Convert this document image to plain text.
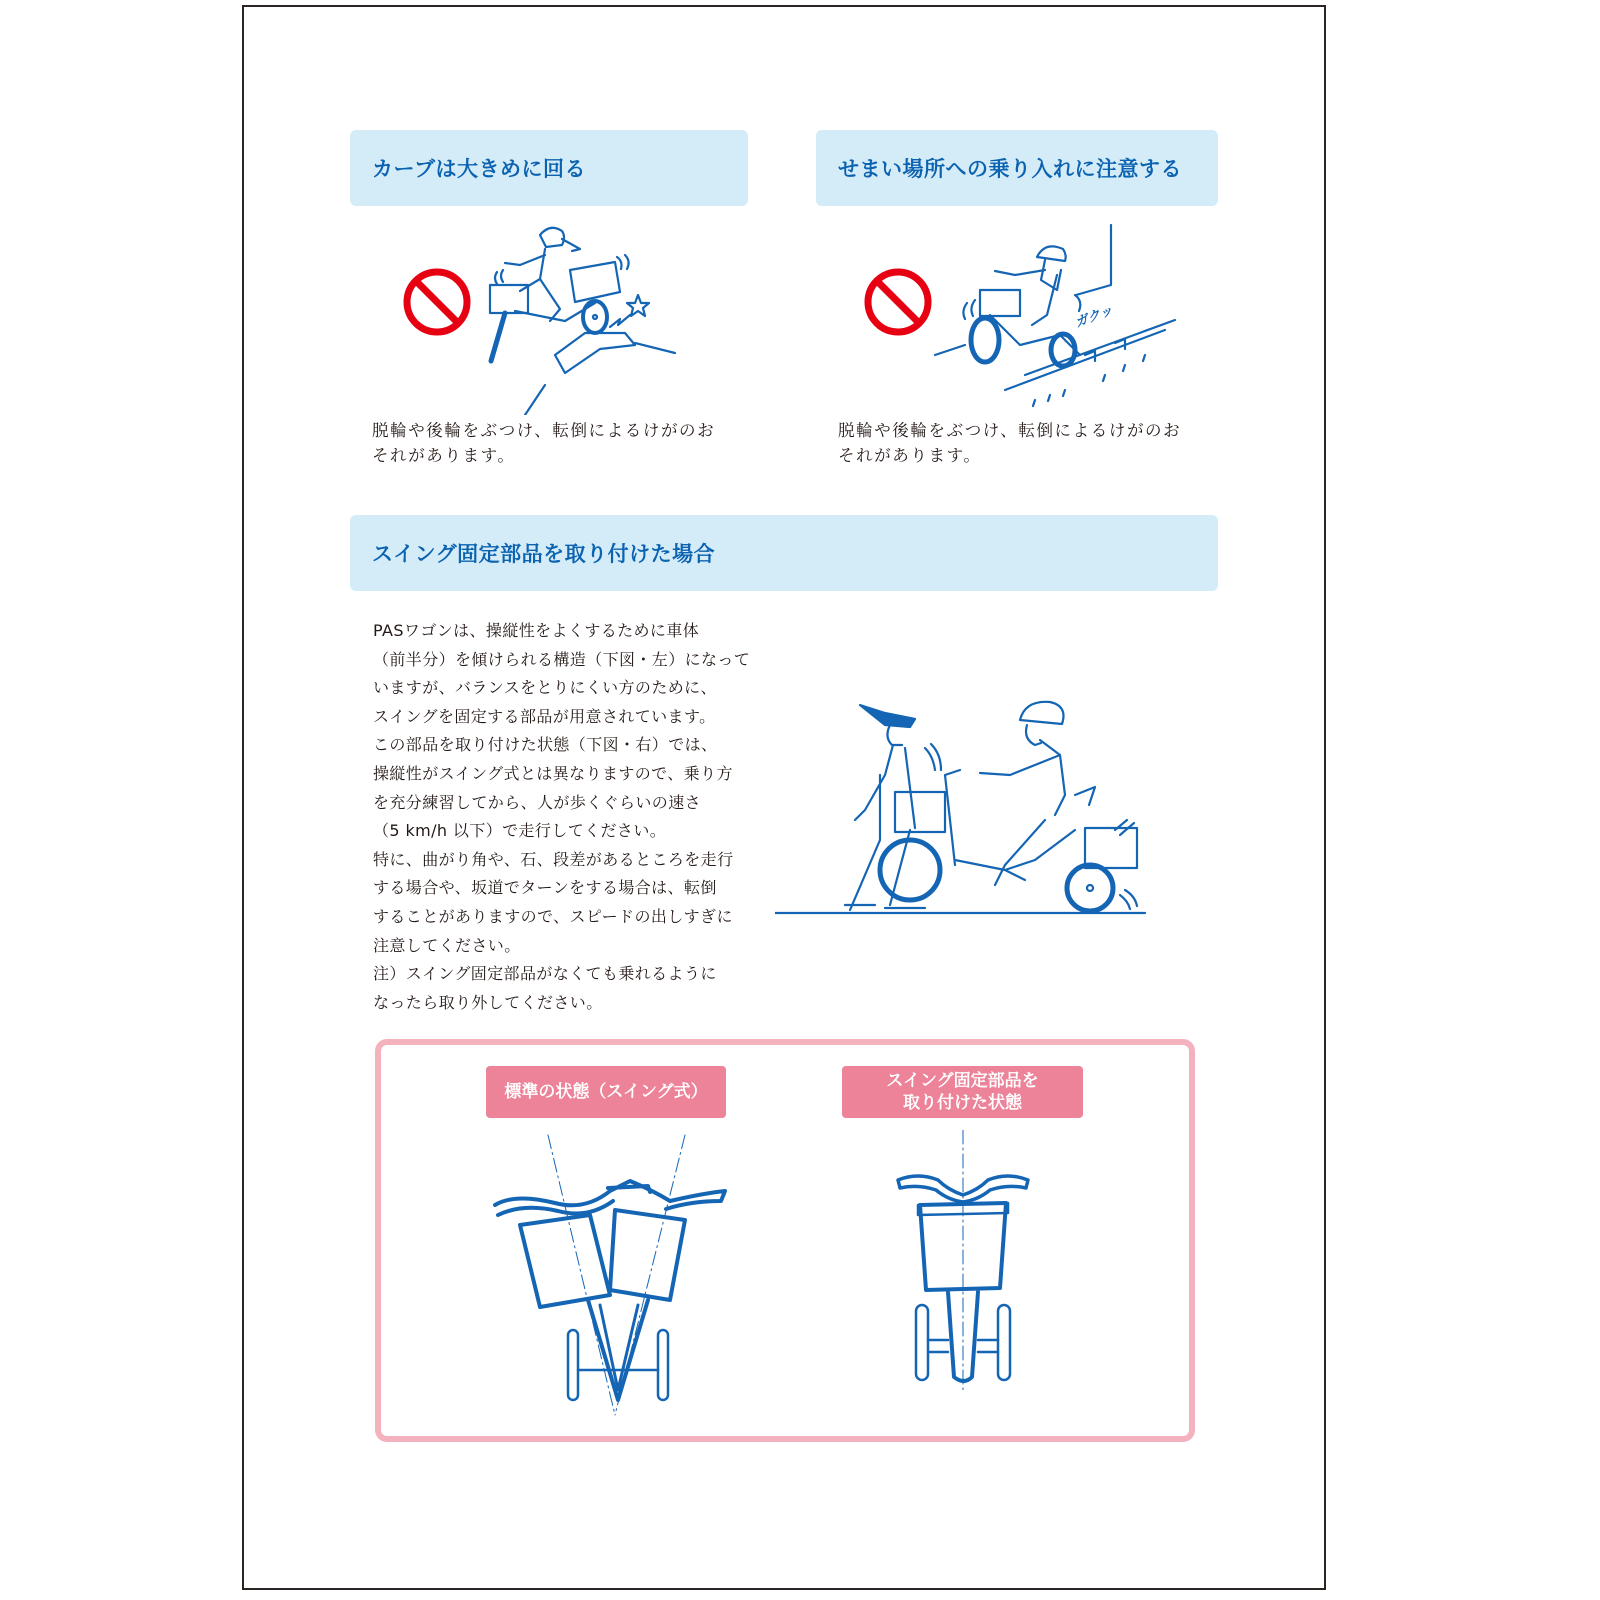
カーブは大きめに回る
脱輪や後輪をぶつけ、転倒によるけがのお
それがあります。
せまい場所への乗り入れに注意する
ガクッ
脱輪や後輪をぶつけ、転倒によるけがのお
それがあります。
スイング固定部品を取り付けた場合

PASワゴンは、操縦性をよくするために車体

（前半分）を傾けられる構造（下図・左）になって

いますが、バランスをとりにくい方のために、

スイングを固定する部品が用意されています。

この部品を取り付けた状態（下図・右）では、

操縦性がスイング式とは異なりますので、乗り方

を充分練習してから、人が歩くぐらいの速さ

（5 km/h 以下）で走行してください。

特に、曲がり角や、石、段差があるところを走行

する場合や、坂道でターンをする場合は、転倒

することがありますので、スピードの出しすぎに

注意してください。

注）スイング固定部品がなくても乗れるように

なったら取り外してください。

標準の状態（スイング式）
スイング固定部品を
取り付けた状態
